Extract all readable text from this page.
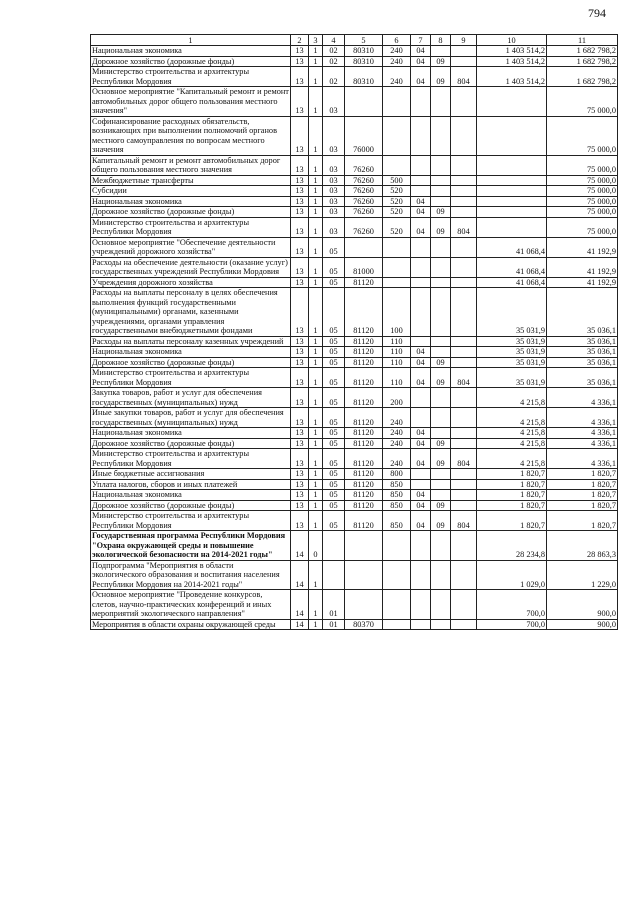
794
1	2	3	4	5	6	7	8	9	10	11
Национальная экономика	13	1	02	80310	240	04			1 403 514,2	1 682 798,2
Дорожное хозяйство (дорожные фонды)	13	1	02	80310	240	04	09		1 403 514,2	1 682 798,2
Министерство строительства и архитектуры Республики Мордовия	13	1	02	80310	240	04	09	804	1 403 514,2	1 682 798,2
Основное мероприятие "Капитальный ремонт и ремонт автомобильных дорог общего пользования местного значения"	13	1	03							75 000,0
Софинансирование расходных обязательств, возникающих при выполнении полномочий органов местного самоуправления по вопросам местного значения	13	1	03	76000						75 000,0
Капитальный ремонт и ремонт автомобильных дорог общего пользования местного значения	13	1	03	76260						75 000,0
Межбюджетные трансферты	13	1	03	76260	500					75 000,0
Субсидии	13	1	03	76260	520					75 000,0
Национальная экономика	13	1	03	76260	520	04				75 000,0
Дорожное хозяйство (дорожные фонды)	13	1	03	76260	520	04	09			75 000,0
Министерство строительства и архитектуры Республики Мордовия	13	1	03	76260	520	04	09	804		75 000,0
Основное мероприятие "Обеспечение деятельности учреждений дорожного хозяйства"	13	1	05						41 068,4	41 192,9
Расходы на обеспечение деятельности (оказание услуг) государственных учреждений Республики Мордовия	13	1	05	81000					41 068,4	41 192,9
Учреждения дорожного хозяйства	13	1	05	81120					41 068,4	41 192,9
Расходы на выплаты персоналу в целях обеспечения выполнения функций государственными (муниципальными) органами, казенными учреждениями, органами управления государственными внебюджетными фондами	13	1	05	81120	100				35 031,9	35 036,1
Расходы на выплаты персоналу казенных учреждений	13	1	05	81120	110				35 031,9	35 036,1
Национальная экономика	13	1	05	81120	110	04			35 031,9	35 036,1
Дорожное хозяйство (дорожные фонды)	13	1	05	81120	110	04	09		35 031,9	35 036,1
Министерство строительства и архитектуры Республики Мордовия	13	1	05	81120	110	04	09	804	35 031,9	35 036,1
Закупка товаров, работ и услуг для обеспечения государственных (муниципальных) нужд	13	1	05	81120	200				4 215,8	4 336,1
Иные закупки товаров, работ и услуг для обеспечения государственных (муниципальных) нужд	13	1	05	81120	240				4 215,8	4 336,1
Национальная экономика	13	1	05	81120	240	04			4 215,8	4 336,1
Дорожное хозяйство (дорожные фонды)	13	1	05	81120	240	04	09		4 215,8	4 336,1
Министерство строительства и архитектуры Республики Мордовия	13	1	05	81120	240	04	09	804	4 215,8	4 336,1
Иные бюджетные ассигнования	13	1	05	81120	800				1 820,7	1 820,7
Уплата налогов, сборов и иных платежей	13	1	05	81120	850				1 820,7	1 820,7
Национальная экономика	13	1	05	81120	850	04			1 820,7	1 820,7
Дорожное хозяйство (дорожные фонды)	13	1	05	81120	850	04	09		1 820,7	1 820,7
Министерство строительства и архитектуры Республики Мордовия	13	1	05	81120	850	04	09	804	1 820,7	1 820,7
Государственная программа Республики Мордовия "Охрана окружающей среды и повышение экологической безопасности на 2014-2021 годы"	14	0							28 234,8	28 863,3
Подпрограмма "Мероприятия в области экологического образования и воспитания населения Республики Мордовия на 2014-2021 годы"	14	1							1 029,0	1 229,0
Основное мероприятие "Проведение конкурсов, слетов, научно-практических конференций и иных мероприятий экологического направления"	14	1	01						700,0	900,0
Мероприятия в области охраны окружающей среды	14	1	01	80370					700,0	900,0
